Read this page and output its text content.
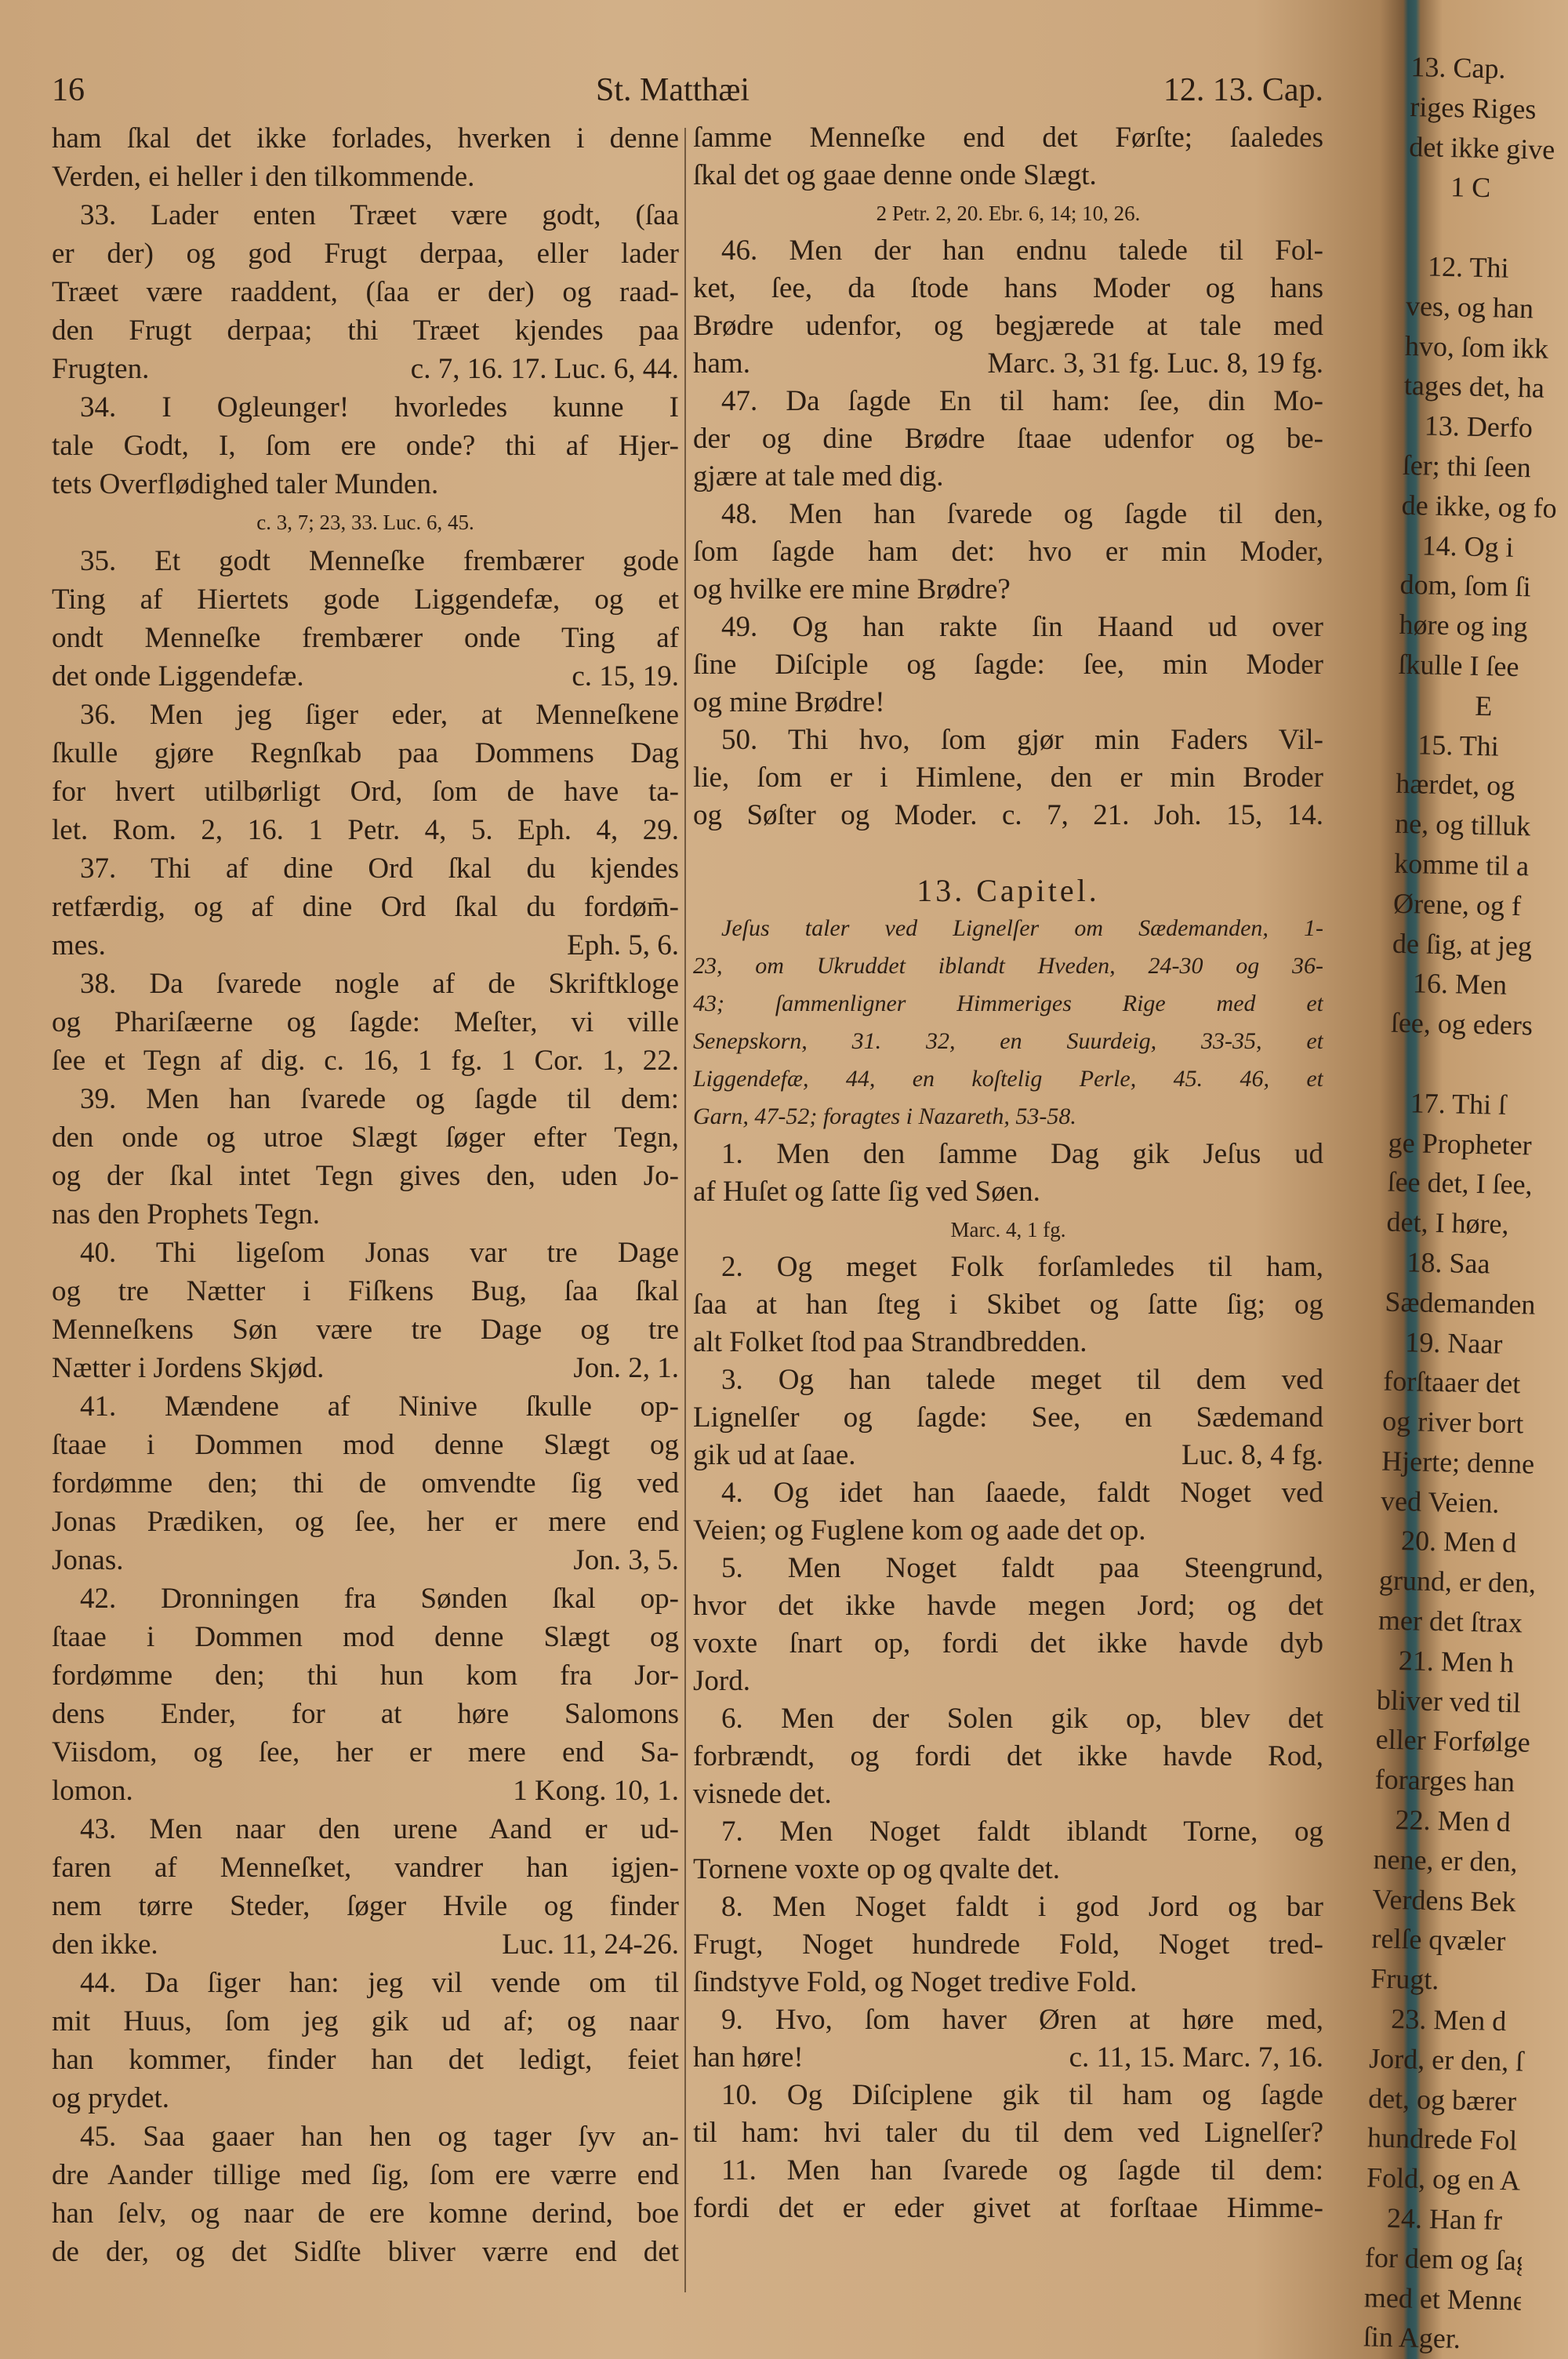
16	St. Matthæi	12. 13. Cap.
ham ſkal det ikke forlades, hverken i denne
Verden, ei heller i den tilkommende.
33. Lader enten Træet være godt, (ſaa
er der) og god Frugt derpaa, eller lader
Træet være raaddent, (ſaa er der) og raad-
den Frugt derpaa; thi Træet kjendes paa
Frugten.	c. 7, 16. 17. Luc. 6, 44.
34. I Ogleunger! hvorledes kunne I
tale Godt, I, ſom ere onde? thi af Hjer-
tets Overflødighed taler Munden.
c. 3, 7; 23, 33. Luc. 6, 45.
35. Et godt Menneſke frembærer gode
Ting af Hiertets gode Liggendefæ, og et
ondt Menneſke frembærer onde Ting af
det onde Liggendefæ.	c. 15, 19.
36. Men jeg ſiger eder, at Menneſkene
ſkulle gjøre Regnſkab paa Dommens Dag
for hvert utilbørligt Ord, ſom de have ta-
let. Rom. 2, 16. 1 Petr. 4, 5. Eph. 4, 29.
37. Thi af dine Ord ſkal du kjendes
retfærdig, og af dine Ord ſkal du fordøm̄-
mes.	Eph. 5, 6.
38. Da ſvarede nogle af de Skriftkloge
og Phariſæerne og ſagde: Meſter, vi ville
ſee et Tegn af dig. c. 16, 1 fg. 1 Cor. 1, 22.
39. Men han ſvarede og ſagde til dem:
den onde og utroe Slægt ſøger efter Tegn,
og der ſkal intet Tegn gives den, uden Jo-
nas den Prophets Tegn.
40. Thi ligeſom Jonas var tre Dage
og tre Nætter i Fiſkens Bug, ſaa ſkal
Menneſkens Søn være tre Dage og tre
Nætter i Jordens Skjød.	Jon. 2, 1.
41. Mændene af Ninive ſkulle op-
ſtaae i Dommen mod denne Slægt og
fordømme den; thi de omvendte ſig ved
Jonas Prædiken, og ſee, her er mere end
Jonas.	Jon. 3, 5.
42. Dronningen fra Sønden ſkal op-
ſtaae i Dommen mod denne Slægt og
fordømme den; thi hun kom fra Jor-
dens Ender, for at høre Salomons
Viisdom, og ſee, her er mere end Sa-
lomon.	1 Kong. 10, 1.
43. Men naar den urene Aand er ud-
faren af Menneſket, vandrer han igjen-
nem tørre Steder, ſøger Hvile og finder
den ikke.	Luc. 11, 24-26.
44. Da ſiger han: jeg vil vende om til
mit Huus, ſom jeg gik ud af; og naar
han kommer, finder han det ledigt, feiet
og prydet.
45. Saa gaaer han hen og tager ſyv an-
dre Aander tillige med ſig, ſom ere værre end
han ſelv, og naar de ere komne derind, boe
de der, og det Sidſte bliver værre end det
ſamme Menneſke end det Førſte; ſaaledes
ſkal det og gaae denne onde Slægt.
2 Petr. 2, 20. Ebr. 6, 14; 10, 26.
46. Men der han endnu talede til Fol-
ket, ſee, da ſtode hans Moder og hans
Brødre udenfor, og begjærede at tale med
ham.	Marc. 3, 31 fg. Luc. 8, 19 fg.
47. Da ſagde En til ham: ſee, din Mo-
der og dine Brødre ſtaae udenfor og be-
gjære at tale med dig.
48. Men han ſvarede og ſagde til den,
ſom ſagde ham det: hvo er min Moder,
og hvilke ere mine Brødre?
49. Og han rakte ſin Haand ud over
ſine Diſciple og ſagde: ſee, min Moder
og mine Brødre!
50. Thi hvo, ſom gjør min Faders Vil-
lie, ſom er i Himlene, den er min Broder
og Søſter og Moder. c. 7, 21. Joh. 15, 14.

13. Capitel.
Jeſus taler ved Lignelſer om Sædemanden, 1-
23, om Ukruddet iblandt Hveden, 24-30 og 36-
43; ſammenligner Himmeriges Rige med et
Senepskorn, 31. 32, en Suurdeig, 33-35, et
Liggendefæ, 44, en koſtelig Perle, 45. 46, et
Garn, 47-52; foragtes i Nazareth, 53-58.
1. Men den ſamme Dag gik Jeſus ud
af Huſet og ſatte ſig ved Søen.
Marc. 4, 1 fg.
2. Og meget Folk forſamledes til ham,
ſaa at han ſteg i Skibet og ſatte ſig; og
alt Folket ſtod paa Strandbredden.
3. Og han talede meget til dem ved
Lignelſer og ſagde: See, en Sædemand
gik ud at ſaae.	Luc. 8, 4 fg.
4. Og idet han ſaaede, faldt Noget ved
Veien; og Fuglene kom og aade det op.
5. Men Noget faldt paa Steengrund,
hvor det ikke havde megen Jord; og det
voxte ſnart op, fordi det ikke havde dyb
Jord.
6. Men der Solen gik op, blev det
forbrændt, og fordi det ikke havde Rod,
visnede det.
7. Men Noget faldt iblandt Torne, og
Tornene voxte op og qvalte det.
8. Men Noget faldt i god Jord og bar
Frugt, Noget hundrede Fold, Noget tred-
ſindstyve Fold, og Noget tredive Fold.
9. Hvo, ſom haver Øren at høre med,
han høre!	c. 11, 15. Marc. 7, 16.
10. Og Diſciplene gik til ham og ſagde
til ham: hvi taler du til dem ved Lignelſer?
11. Men han ſvarede og ſagde til dem:
fordi det er eder givet at forſtaae Himme-
13. Cap.
riges Riges
det ikke give
1 C

12. Thi
ves, og han
hvo, ſom ikk
tages det, ha
13. Derfo
ſer; thi ſeen
de ikke, og fo
14. Og i
dom, ſom ſi
høre og ing
ſkulle I ſee
E
15. Thi
hærdet, og
ne, og tilluk
komme til a
Ørene, og f
de ſig, at jeg
16. Men
ſee, og eders

17. Thi ſ
ge Propheter
ſee det, I ſee,
det, I høre,
18. Saa
Sædemanden
19. Naar
forſtaaer det
og river bort
Hjerte; denne
ved Veien.
20. Men d
grund, er den,
mer det ſtrax
21. Men h
bliver ved til
eller Forfølge
forarges han
22. Men d
nene, er den,
Verdens Bek
relſe qvæler
Frugt.
23. Men d
Jord, er den, ſ
det, og bærer
hundrede Fol
Fold, og en A
24. Han fr
for dem og ſagd
med et Menne
ſin Ager.
